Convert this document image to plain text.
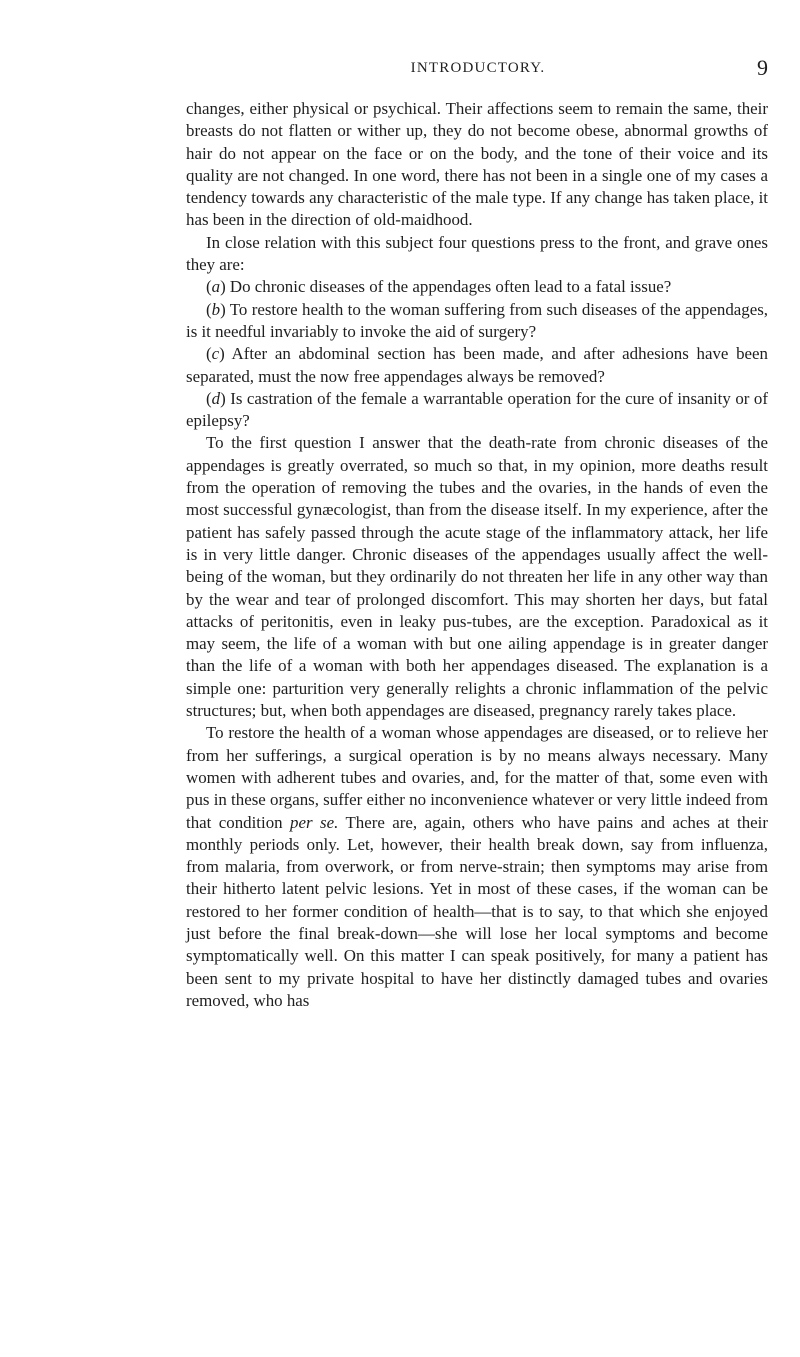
INTRODUCTORY.	9

changes, either physical or psychical. Their affections seem to remain the same, their breasts do not flatten or wither up, they do not become obese, abnormal growths of hair do not appear on the face or on the body, and the tone of their voice and its quality are not changed. In one word, there has not been in a single one of my cases a tendency towards any characteristic of the male type. If any change has taken place, it has been in the direction of old-maidhood.

In close relation with this subject four questions press to the front, and grave ones they are:

(a) Do chronic diseases of the appendages often lead to a fatal issue?

(b) To restore health to the woman suffering from such diseases of the appendages, is it needful invariably to invoke the aid of surgery?

(c) After an abdominal section has been made, and after adhesions have been separated, must the now free appendages always be removed?

(d) Is castration of the female a warrantable operation for the cure of insanity or of epilepsy?

To the first question I answer that the death-rate from chronic diseases of the appendages is greatly overrated, so much so that, in my opinion, more deaths result from the operation of removing the tubes and the ovaries, in the hands of even the most successful gynæcologist, than from the disease itself. In my experience, after the patient has safely passed through the acute stage of the inflammatory attack, her life is in very little danger. Chronic diseases of the appendages usually affect the well-being of the woman, but they ordinarily do not threaten her life in any other way than by the wear and tear of prolonged discomfort. This may shorten her days, but fatal attacks of peritonitis, even in leaky pus-tubes, are the exception. Paradoxical as it may seem, the life of a woman with but one ailing appendage is in greater danger than the life of a woman with both her appendages diseased. The explanation is a simple one: parturition very generally relights a chronic inflammation of the pelvic structures; but, when both appendages are diseased, pregnancy rarely takes place.

To restore the health of a woman whose appendages are diseased, or to relieve her from her sufferings, a surgical operation is by no means always necessary. Many women with adherent tubes and ovaries, and, for the matter of that, some even with pus in these organs, suffer either no inconvenience whatever or very little indeed from that condition per se. There are, again, others who have pains and aches at their monthly periods only. Let, however, their health break down, say from influenza, from malaria, from overwork, or from nerve-strain; then symptoms may arise from their hitherto latent pelvic lesions. Yet in most of these cases, if the woman can be restored to her former condition of health—that is to say, to that which she enjoyed just before the final break-down—she will lose her local symptoms and become symptomatically well. On this matter I can speak positively, for many a patient has been sent to my private hospital to have her distinctly damaged tubes and ovaries removed, who has
